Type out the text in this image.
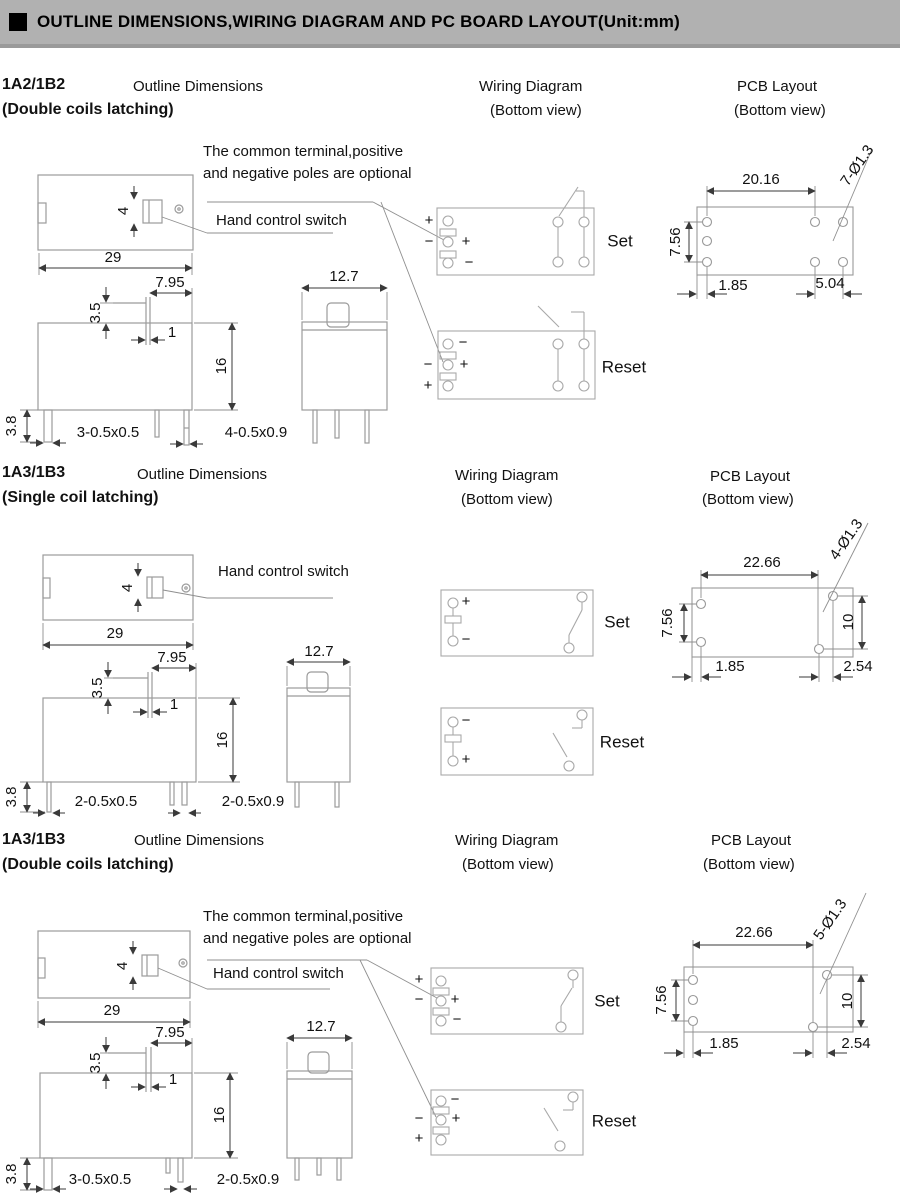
OUTLINE DIMENSIONS,WIRING DIAGRAM AND PC BOARD LAYOUT(Unit:mm)
1A2/1B2	Outline Dimensions
(Double coils latching)
Wiring Diagram
(Bottom view)
PCB Layout
(Bottom view)
The common terminal,positive
and negative poles are optional
Hand control switch
4
29
7.95
3.5
1
16
3.8	3-0.5x0.5	4-0.5x0.9
12.7
+
− +
−
Set
−
+
−
+
Reset
20.16
7.56
7-Ø1.3
1.85	5.04
1A3/1B3	Outline Dimensions
(Single coil latching)
Wiring Diagram
(Bottom view)
PCB Layout
(Bottom view)
Hand control switch
4
29
7.95
3.5
1
16
3.8	2-0.5x0.5	2-0.5x0.9
12.7
+
−
Set
−
+
Reset
22.66
7.56	10
4-Ø1.3
1.85	2.54
1A3/1B3	Outline Dimensions
(Double coils latching)
Wiring Diagram
(Bottom view)
PCB Layout
(Bottom view)
The common terminal,positive
and negative poles are optional
Hand control switch
4
29
7.95
3.5
1
16
3.8	3-0.5x0.5	2-0.5x0.9
12.7
+
− +
−
Set
−
+
−
+
Reset
22.66
7.56	10
5-Ø1.3
1.85	2.54
